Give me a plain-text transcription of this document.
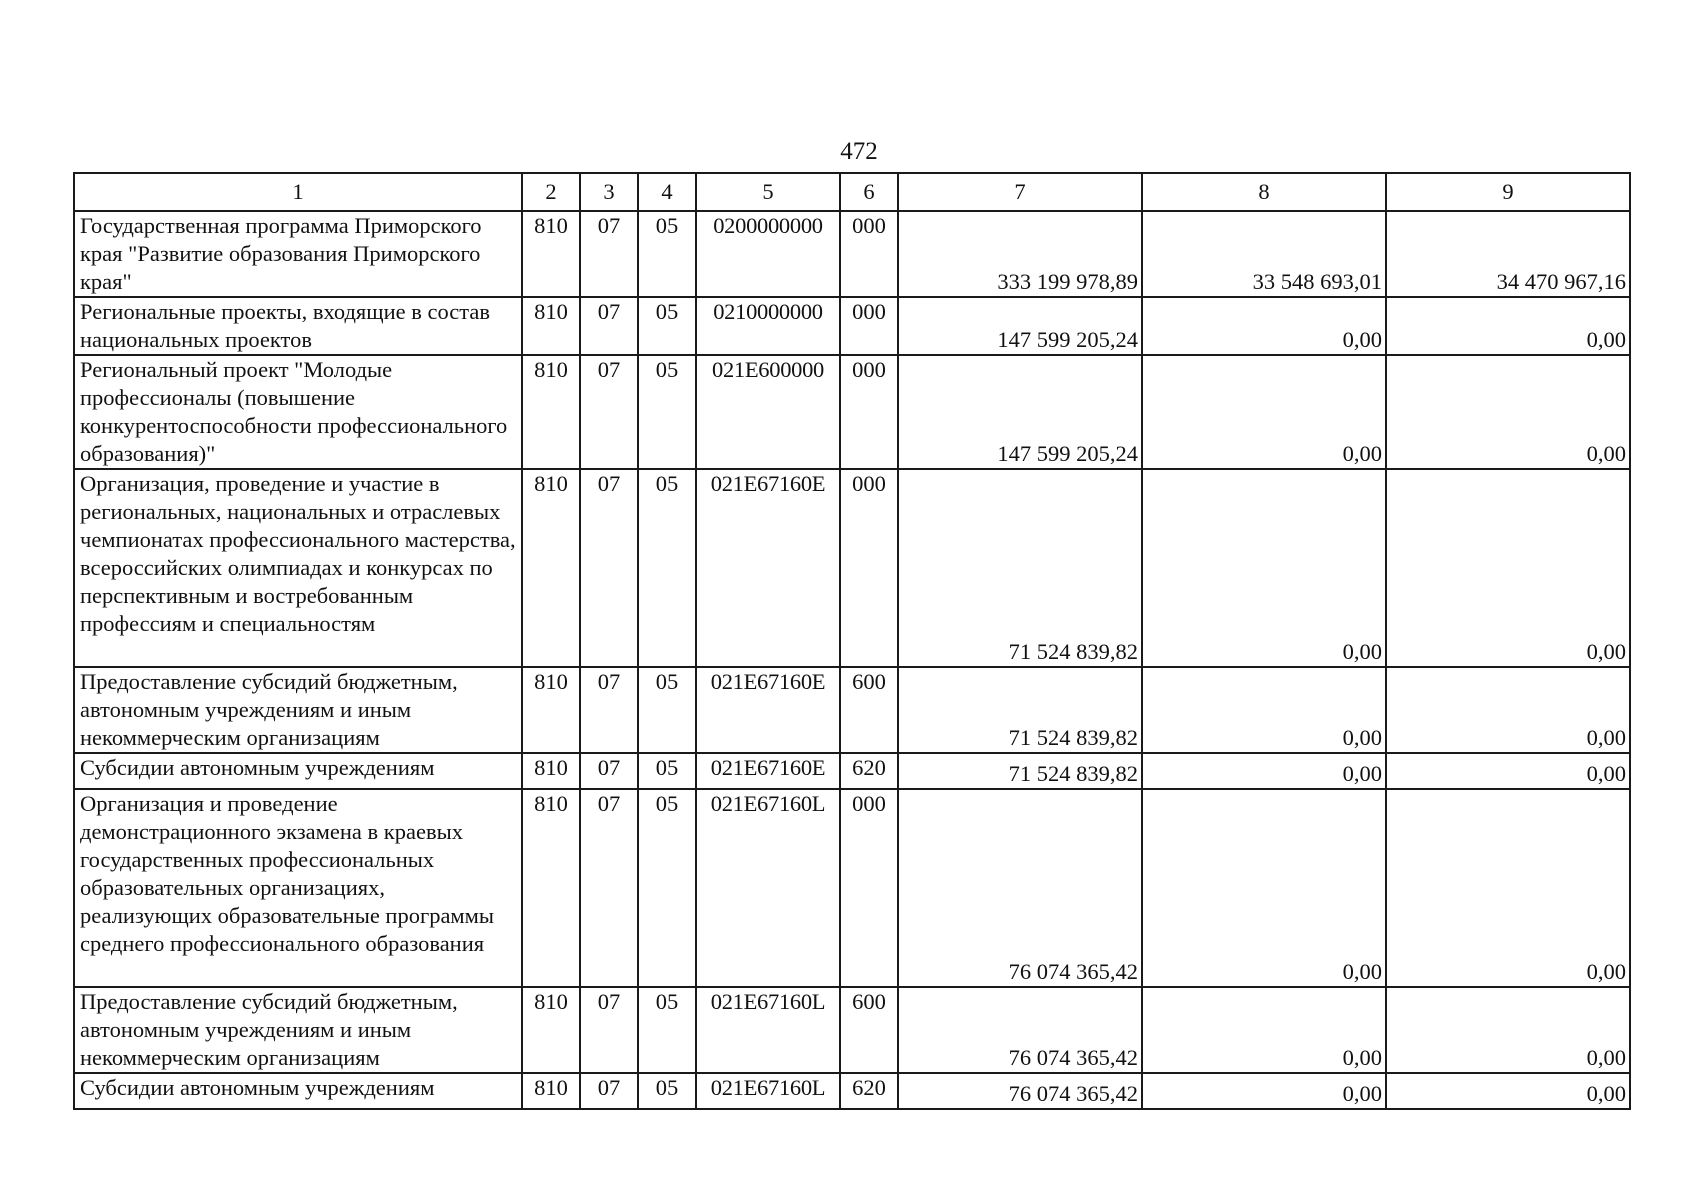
472
1	2	3	4	5	6	7	8	9
Государственная программа Приморского края "Развитие образования Приморского края"	810	07	05	0200000000	000	333 199 978,89	33 548 693,01	34 470 967,16
Региональные проекты, входящие в состав национальных проектов	810	07	05	0210000000	000	147 599 205,24	0,00	0,00
Региональный проект "Молодые профессионалы (повышение конкурентоспособности профессионального образования)"	810	07	05	021E600000	000	147 599 205,24	0,00	0,00
Организация, проведение и участие в региональных, национальных и отраслевых чемпионатах профессионального мастерства, всероссийских олимпиадах и конкурсах по перспективным и востребованным профессиям и специальностям	810	07	05	021E67160E	000	71 524 839,82	0,00	0,00
Предоставление субсидий бюджетным, автономным учреждениям и иным некоммерческим организациям	810	07	05	021E67160E	600	71 524 839,82	0,00	0,00
Субсидии автономным учреждениям	810	07	05	021E67160E	620	71 524 839,82	0,00	0,00
Организация и проведение демонстрационного экзамена в краевых государственных профессиональных образовательных организациях, реализующих образовательные программы среднего профессионального образования	810	07	05	021E67160L	000	76 074 365,42	0,00	0,00
Предоставление субсидий бюджетным, автономным учреждениям и иным некоммерческим организациям	810	07	05	021E67160L	600	76 074 365,42	0,00	0,00
Субсидии автономным учреждениям	810	07	05	021E67160L	620	76 074 365,42	0,00	0,00
